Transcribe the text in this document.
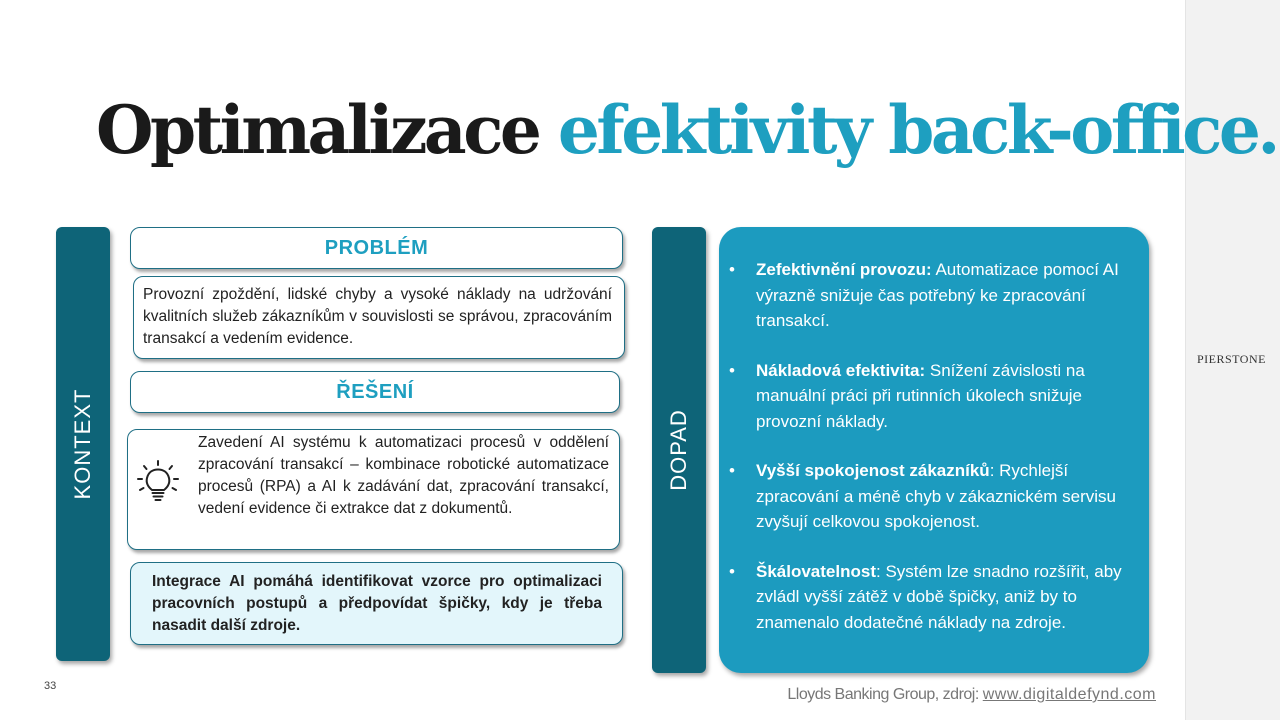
PIERSTONE
Optimalizace efektivity back-office.
KONTEXT
PROBLÉM
Provozní zpoždění, lidské chyby a vysoké náklady na udržování kvalitních služeb zákazníkům v souvislosti se správou, zpracováním transakcí a vedením evidence.
ŘEŠENÍ
Zavedení AI systému k automatizaci procesů v oddělení zpracování transakcí – kombinace robotické automatizace procesů (RPA) a AI k zadávání dat, zpracování transakcí, vedení evidence či extrakce dat z dokumentů.
Integrace AI pomáhá identifikovat vzorce pro optimalizaci pracovních postupů a předpovídat špičky, kdy je třeba nasadit další zdroje.
DOPAD
• Zefektivnění provozu: Automatizace pomocí AI výrazně snižuje čas potřebný ke zpracování transakcí.
• Nákladová efektivita: Snížení závislosti na manuální práci při rutinních úkolech snižuje provozní náklady.
• Vyšší spokojenost zákazníků: Rychlejší zpracování a méně chyb v zákaznickém servisu zvyšují celkovou spokojenost.
• Škálovatelnost: Systém lze snadno rozšířit, aby zvládl vyšší zátěž v době špičky, aniž by to znamenalo dodatečné náklady na zdroje.
33	Lloyds Banking Group, zdroj: www.digitaldefynd.com
